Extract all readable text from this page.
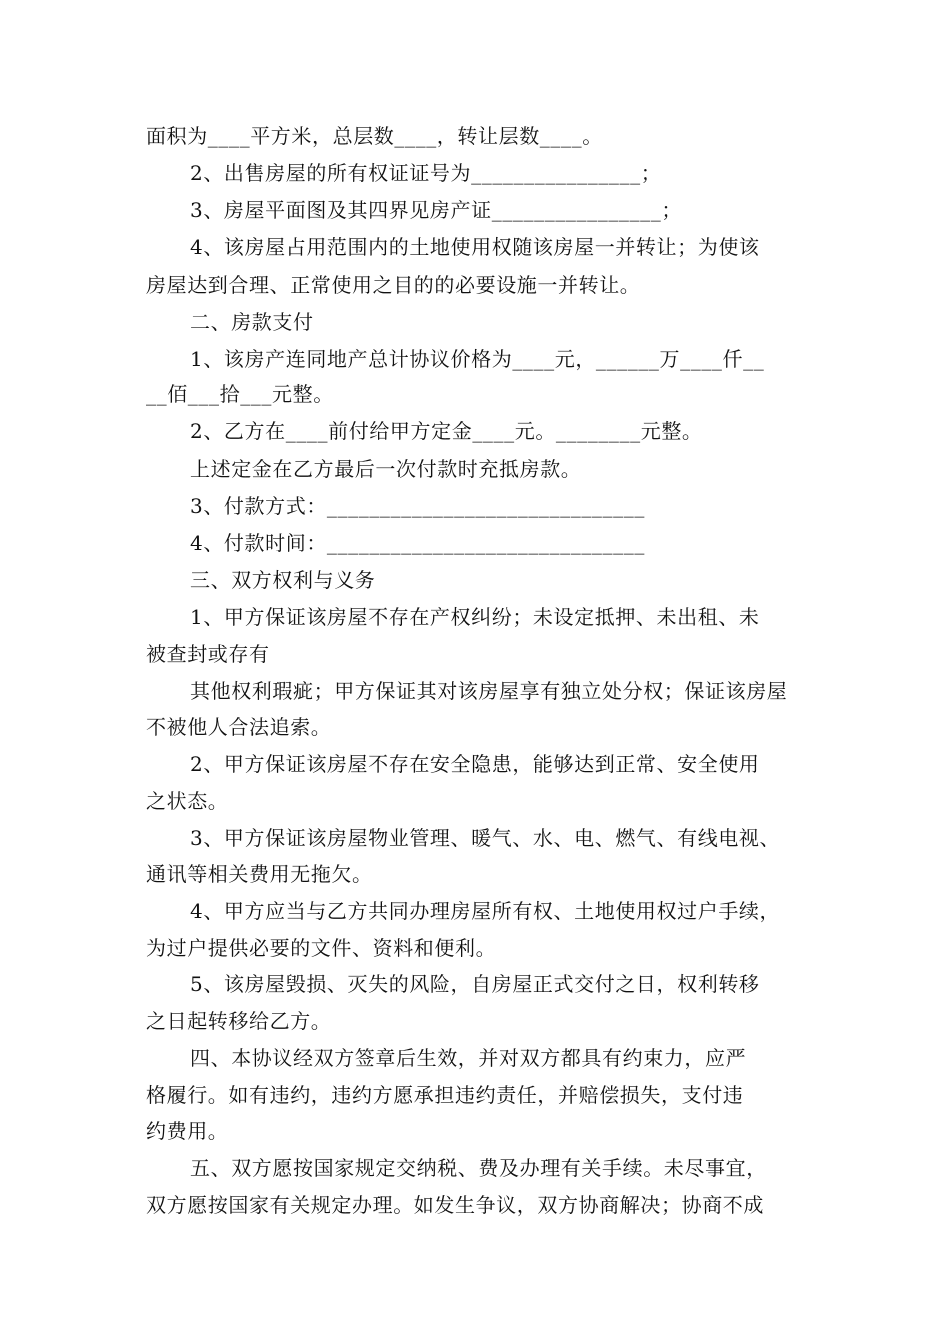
面积为____平方米，总层数____，转让层数____。
2、出售房屋的所有权证证号为________________；
3、房屋平面图及其四界见房产证________________；
4、该房屋占用范围内的土地使用权随该房屋一并转让；为使该
房屋达到合理、正常使用之目的的必要设施一并转让。
二、房款支付
1、该房产连同地产总计协议价格为____元，______万____仟__
__佰___拾___元整。
2、乙方在____前付给甲方定金____元。________元整。
上述定金在乙方最后一次付款时充抵房款。
3、付款方式：______________________________
4、付款时间：______________________________
三、双方权利与义务
1、甲方保证该房屋不存在产权纠纷；未设定抵押、未出租、未
被查封或存有
其他权利瑕疵；甲方保证其对该房屋享有独立处分权；保证该房屋
不被他人合法追索。
2、甲方保证该房屋不存在安全隐患，能够达到正常、安全使用
之状态。
3、甲方保证该房屋物业管理、暖气、水、电、燃气、有线电视、
通讯等相关费用无拖欠。
4、甲方应当与乙方共同办理房屋所有权、土地使用权过户手续，
为过户提供必要的文件、资料和便利。
5、该房屋毁损、灭失的风险，自房屋正式交付之日，权利转移
之日起转移给乙方。
四、本协议经双方签章后生效，并对双方都具有约束力，应严
格履行。如有违约，违约方愿承担违约责任，并赔偿损失，支付违
约费用。
五、双方愿按国家规定交纳税、费及办理有关手续。未尽事宜，
双方愿按国家有关规定办理。如发生争议，双方协商解决；协商不成
